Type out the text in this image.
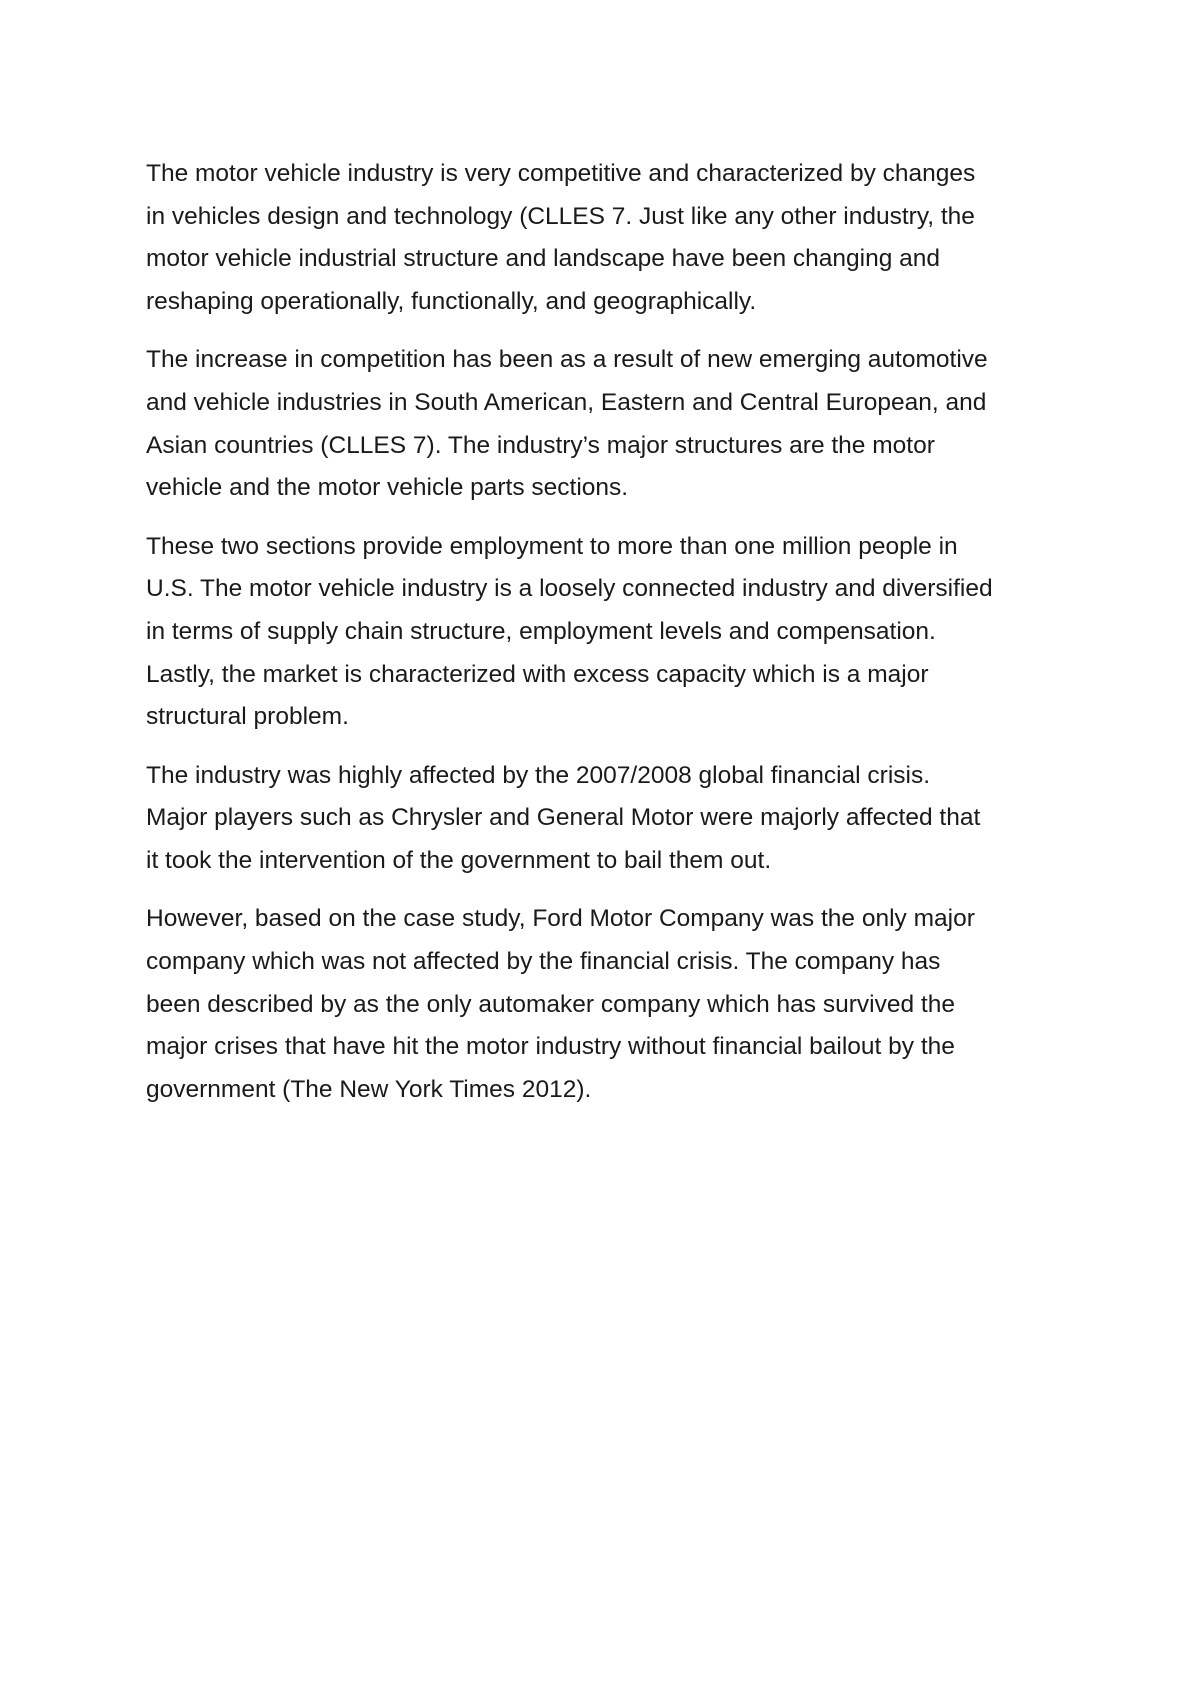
The motor vehicle industry is very competitive and characterized by changes
in vehicles design and technology (CLLES 7. Just like any other industry, the
motor vehicle industrial structure and landscape have been changing and
reshaping operationally, functionally, and geographically.

The increase in competition has been as a result of new emerging automotive
and vehicle industries in South American, Eastern and Central European, and
Asian countries (CLLES 7). The industry’s major structures are the motor
vehicle and the motor vehicle parts sections.

These two sections provide employment to more than one million people in
U.S. The motor vehicle industry is a loosely connected industry and diversified
in terms of supply chain structure, employment levels and compensation.
Lastly, the market is characterized with excess capacity which is a major
structural problem.

The industry was highly affected by the 2007/2008 global financial crisis.
Major players such as Chrysler and General Motor were majorly affected that
it took the intervention of the government to bail them out.

However, based on the case study, Ford Motor Company was the only major
company which was not affected by the financial crisis. The company has
been described by as the only automaker company which has survived the
major crises that have hit the motor industry without financial bailout by the
government (The New York Times 2012).
